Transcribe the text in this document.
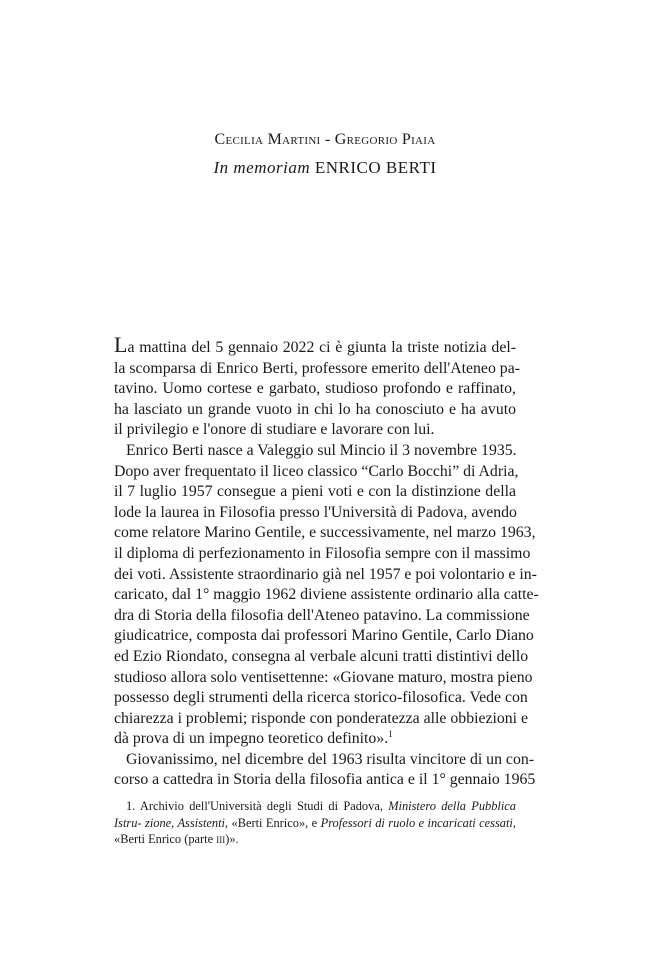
Cecilia Martini - Gregorio Piaia
In memoriam ENRICO BERTI
La mattina del 5 gennaio 2022 ci è giunta la triste notizia del-
la scomparsa di Enrico Berti, professore emerito dell'Ateneo pa-
tavino. Uomo cortese e garbato, studioso profondo e raffinato,
ha lasciato un grande vuoto in chi lo ha conosciuto e ha avuto
il privilegio e l'onore di studiare e lavorare con lui.
Enrico Berti nasce a Valeggio sul Mincio il 3 novembre 1935.
Dopo aver frequentato il liceo classico “Carlo Bocchi” di Adria,
il 7 luglio 1957 consegue a pieni voti e con la distinzione della
lode la laurea in Filosofia presso l'Università di Padova, avendo
come relatore Marino Gentile, e successivamente, nel marzo 1963,
il diploma di perfezionamento in Filosofia sempre con il massimo
dei voti. Assistente straordinario già nel 1957 e poi volontario e in-
caricato, dal 1° maggio 1962 diviene assistente ordinario alla catte-
dra di Storia della filosofia dell'Ateneo patavino. La commissione
giudicatrice, composta dai professori Marino Gentile, Carlo Diano
ed Ezio Riondato, consegna al verbale alcuni tratti distintivi dello
studioso allora solo ventisettenne: «Giovane maturo, mostra pieno
possesso degli strumenti della ricerca storico-filosofica. Vede con
chiarezza i problemi; risponde con ponderatezza alle obbiezioni e
dà prova di un impegno teoretico definito».$^1$
Giovanissimo, nel dicembre del 1963 risulta vincitore di un con-
corso a cattedra in Storia della filosofia antica e il 1° gennaio 1965
1. Archivio dell'Università degli Studi di Padova, Ministero della Pubblica Istru- zione, Assistenti, «Berti Enrico», e Professori di ruolo e incaricati cessati, «Berti Enrico (parte iii)».
